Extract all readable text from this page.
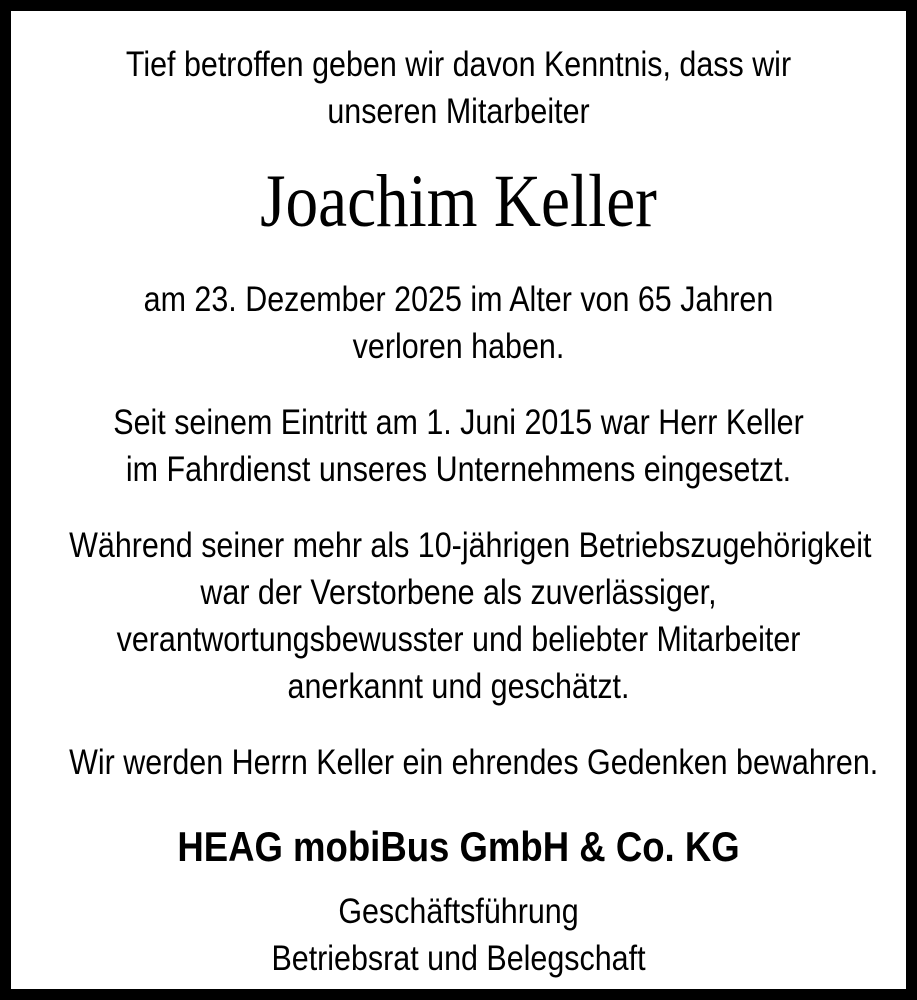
Tief betroffen geben wir davon Kenntnis, dass wir
unseren Mitarbeiter
Joachim Keller
am 23. Dezember 2025 im Alter von 65 Jahren
verloren haben.
Seit seinem Eintritt am 1. Juni 2015 war Herr Keller
im Fahrdienst unseres Unternehmens eingesetzt.
Während seiner mehr als 10-jährigen Betriebszugehörigkeit
war der Verstorbene als zuverlässiger,
verantwortungsbewusster und beliebter Mitarbeiter
anerkannt und geschätzt.
Wir werden Herrn Keller ein ehrendes Gedenken bewahren.
HEAG mobiBus GmbH & Co. KG
Geschäftsführung
Betriebsrat und Belegschaft
